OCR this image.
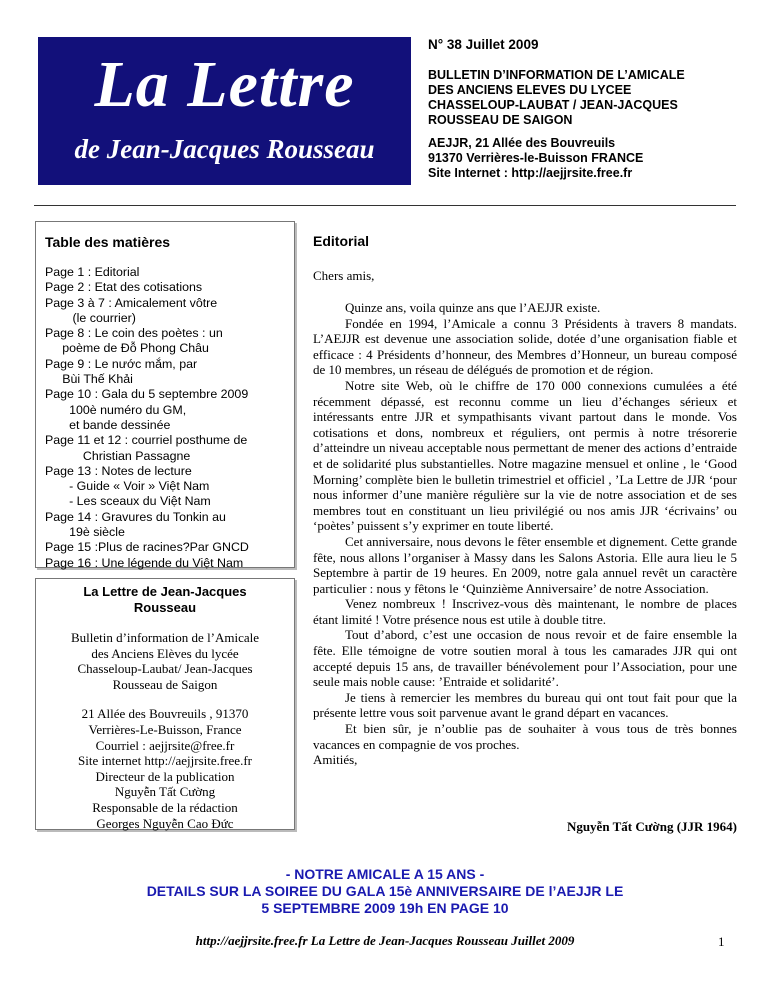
La Lettre
de Jean-Jacques Rousseau
N° 38 Juillet 2009
BULLETIN D’INFORMATION DE L’AMICALE
DES ANCIENS ELEVES DU LYCEE
CHASSELOUP-LAUBAT / JEAN-JACQUES
ROUSSEAU DE SAIGON
AEJJR, 21 Allée des Bouvreuils
91370 Verrières-le-Buisson FRANCE
Site Internet : http://aejjrsite.free.fr
Table des matières
Page 1 : Editorial
Page 2 : Etat des cotisations
Page 3 à 7 : Amicalement vôtre
(le courrier)
Page 8 : Le coin des poètes : un
poème de Đỗ Phong Châu
Page 9 : Le nước mắm, par
Bùi Thế Khải
Page 10 : Gala du 5 septembre 2009
100è numéro du GM,
et bande dessinée
Page 11 et 12 : courriel posthume de
Christian Passagne
Page 13 : Notes de lecture
- Guide « Voir » Việt Nam
- Les sceaux du Việt Nam
Page 14 : Gravures du Tonkin au
19è siècle
Page 15 :Plus de racines?Par GNCD
Page 16 : Une légende du Việt Nam
La Lettre de Jean-Jacques
Rousseau
Bulletin d’information de l’Amicale
des Anciens Elèves du lycée
Chasseloup-Laubat/ Jean-Jacques
Rousseau de Saigon
21 Allée des Bouvreuils , 91370
Verrières-Le-Buisson, France
Courriel : aejjrsite@free.fr
Site internet http://aejjrsite.free.fr
Directeur de la publication
Nguyễn Tất Cường
Responsable de la rédaction
Georges Nguyễn Cao Đức
Editorial
Chers amis,

Quinze ans, voila quinze ans que l’AEJJR existe.

Fondée en 1994, l’Amicale a connu 3 Présidents à travers 8 mandats. L’AEJJR est devenue une association solide, dotée d’une organisation fiable et efficace : 4 Présidents d’honneur, des Membres d’Honneur, un bureau composé de 10 membres, un réseau de délégués de promotion et de région.

Notre site Web, où le chiffre de 170 000 connexions cumulées a été récemment dépassé, est reconnu comme un lieu d’échanges sérieux et intéressants entre JJR et sympathisants vivant partout dans le monde. Vos cotisations et dons, nombreux et réguliers, ont permis à notre trésorerie d’atteindre un niveau acceptable nous permettant de mener des actions d’entraide et de solidarité plus substantielles. Notre magazine mensuel et online , le ‘Good Morning’ complète bien le bulletin trimestriel et officiel , ’La Lettre de JJR ‘pour nous informer d’une manière régulière sur la vie de notre association et de ses membres tout en constituant un lieu privilégié ou nos amis JJR ‘écrivains’ ou ‘poètes’ puissent s’y exprimer en toute liberté.

Cet anniversaire, nous devons le fêter ensemble et dignement. Cette grande fête, nous allons l’organiser à Massy dans les Salons Astoria. Elle aura lieu le 5 Septembre à partir de 19 heures. En 2009, notre gala annuel revêt un caractère particulier : nous y fêtons le ‘Quinzième Anniversaire’ de notre Association.

Venez nombreux ! Inscrivez-vous dès maintenant, le nombre de places étant limité ! Votre présence nous est utile à double titre.

Tout d’abord, c’est une occasion de nous revoir et de faire ensemble la fête. Elle témoigne de votre soutien moral à tous les camarades JJR qui ont accepté depuis 15 ans, de travailler bénévolement pour l’Association, pour une seule mais noble cause: ’Entraide et solidarité’.

Je tiens à remercier les membres du bureau qui ont tout fait pour que la présente lettre vous soit parvenue avant le grand départ en vacances.

Et bien sûr, je n’oublie pas de souhaiter à vous tous de très bonnes vacances en compagnie de vos proches.

Amitiés,

Nguyễn Tất Cường (JJR 1964)
- NOTRE AMICALE A 15 ANS -
DETAILS SUR LA SOIREE DU GALA 15è ANNIVERSAIRE DE l’AEJJR LE
5 SEPTEMBRE 2009 19h EN PAGE 10
http://aejjrsite.free.fr La Lettre de Jean-Jacques Rousseau Juillet 2009	1
